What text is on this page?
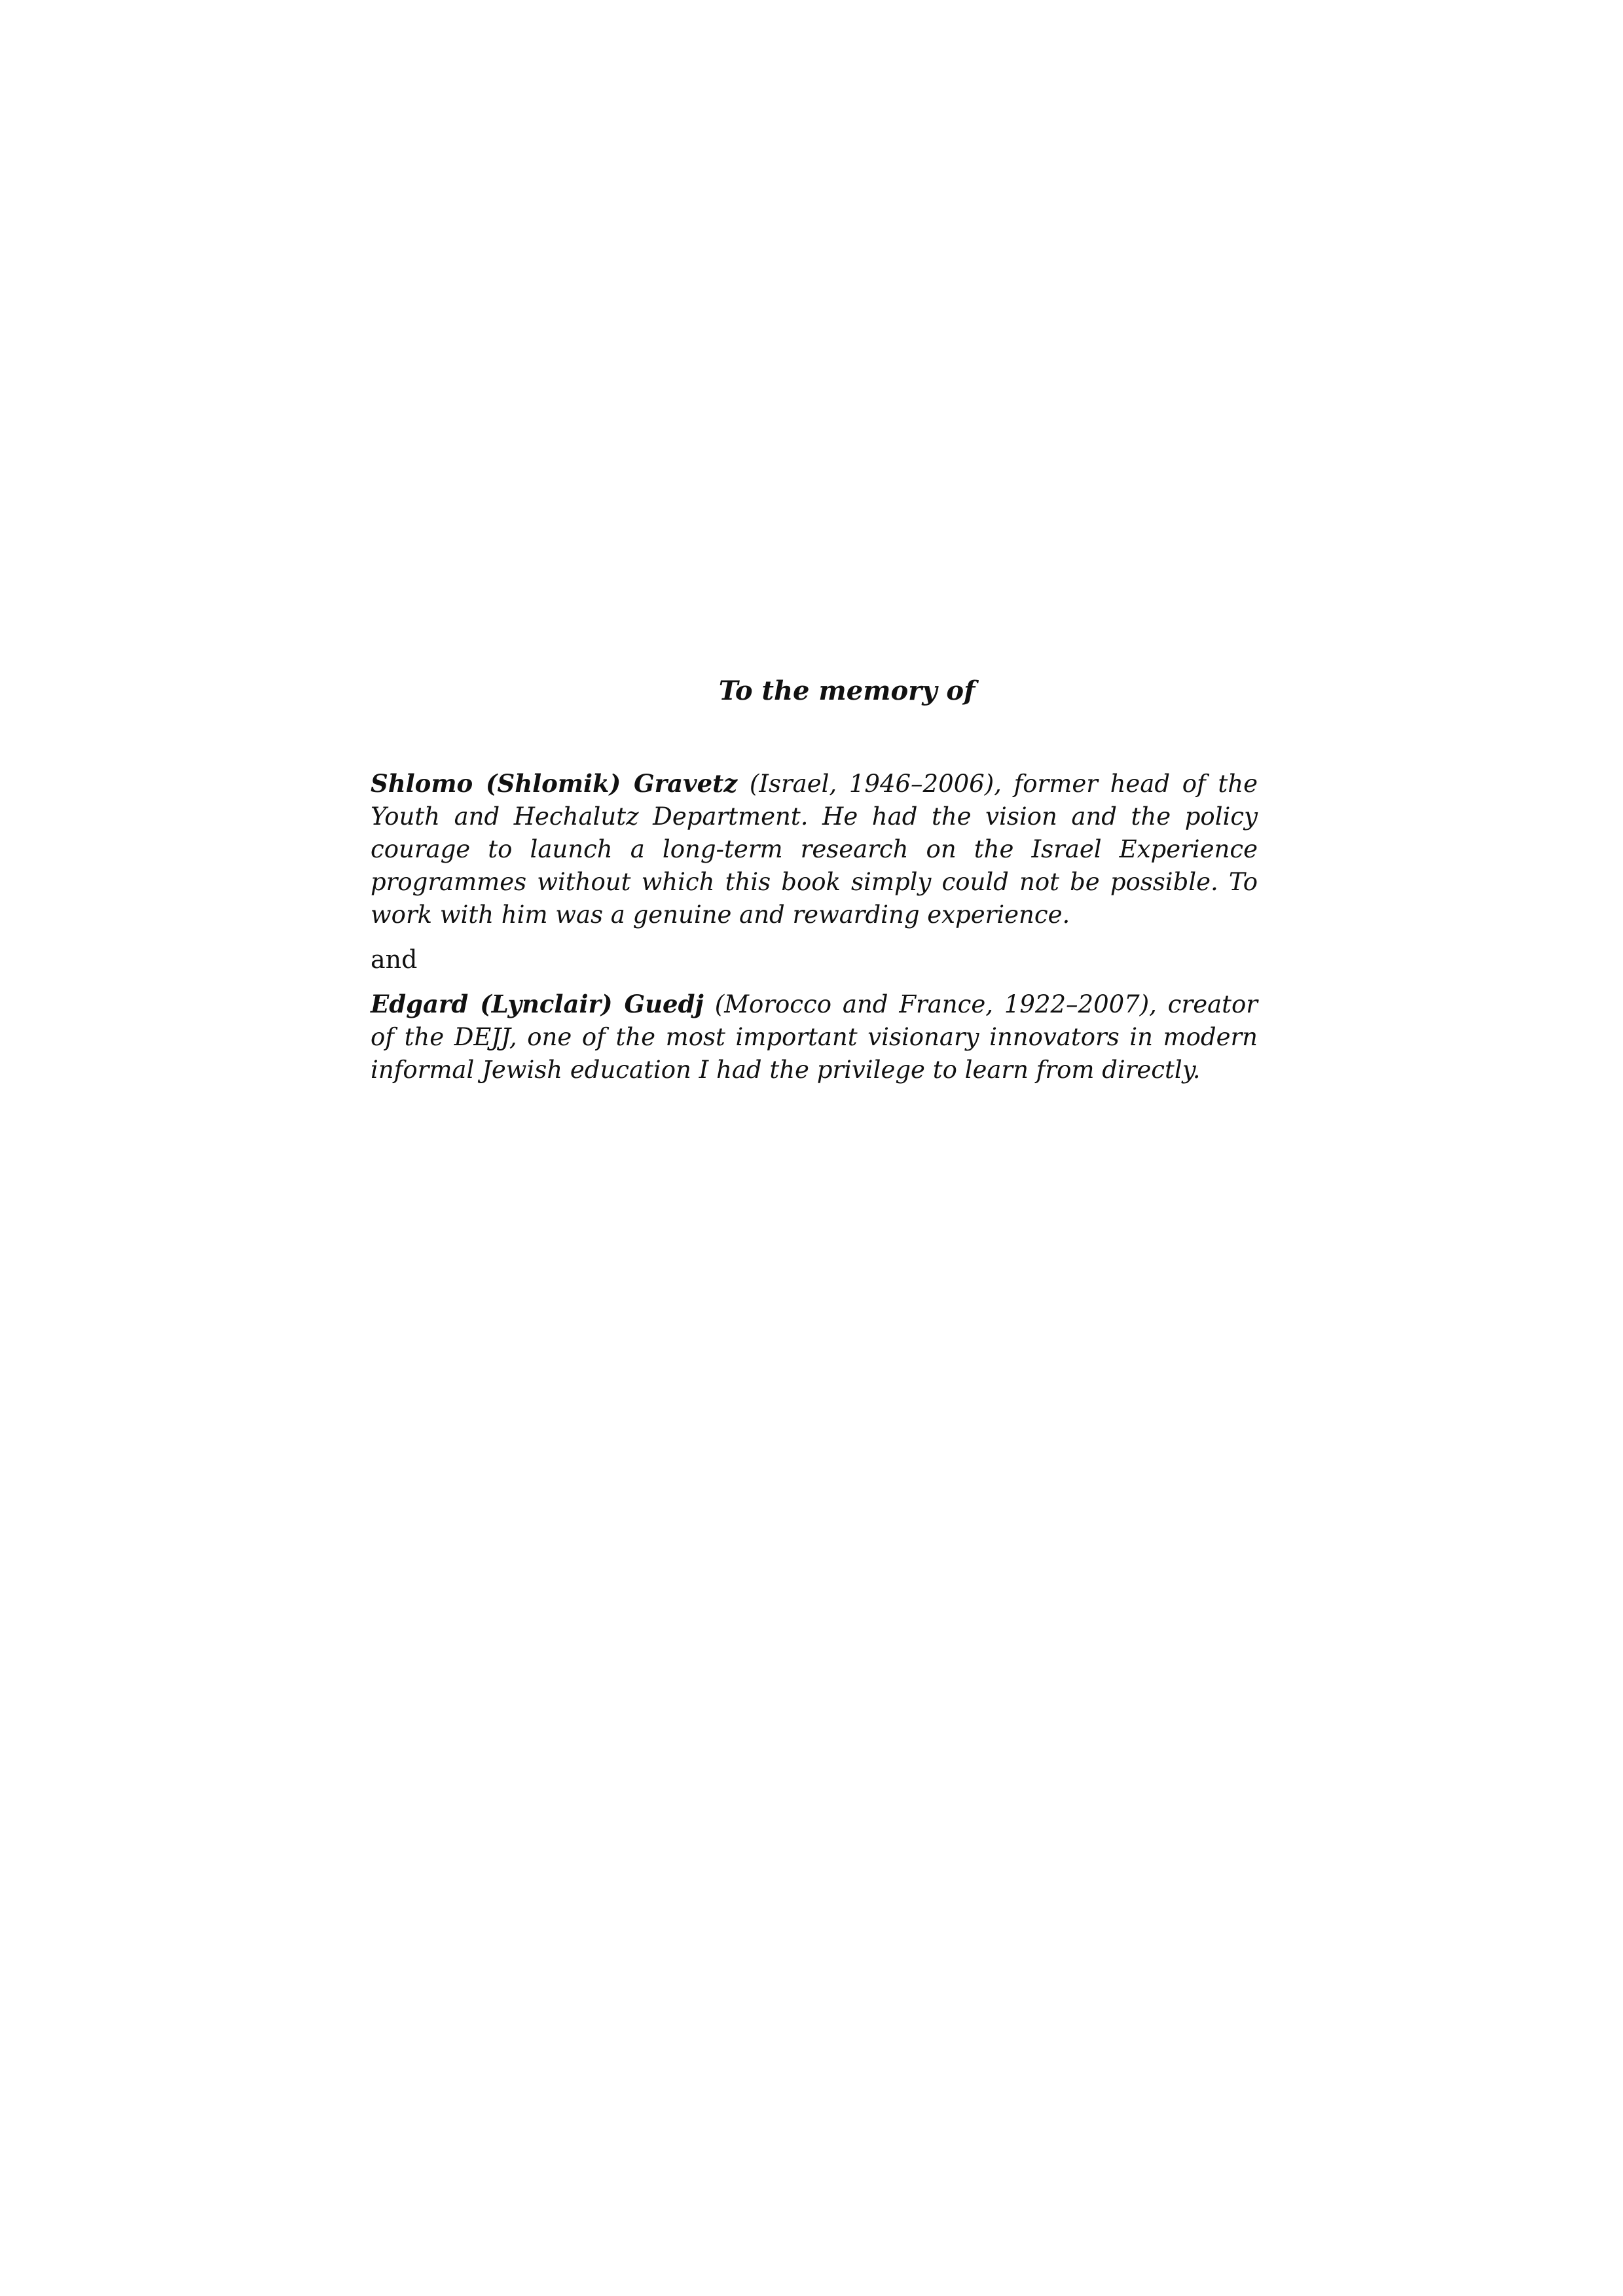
To the memory of

Shlomo (Shlomik) Gravetz (Israel, 1946–2006), former head of the Youth and Hechalutz Department. He had the vision and the policy courage to launch a long-term research on the Israel Experience programmes without which this book simply could not be possible. To work with him was a genuine and rewarding experience.

and

Edgard (Lynclair) Guedj (Morocco and France, 1922–2007), creator of the DEJJ, one of the most important visionary innovators in modern informal Jewish education I had the privilege to learn from directly.
